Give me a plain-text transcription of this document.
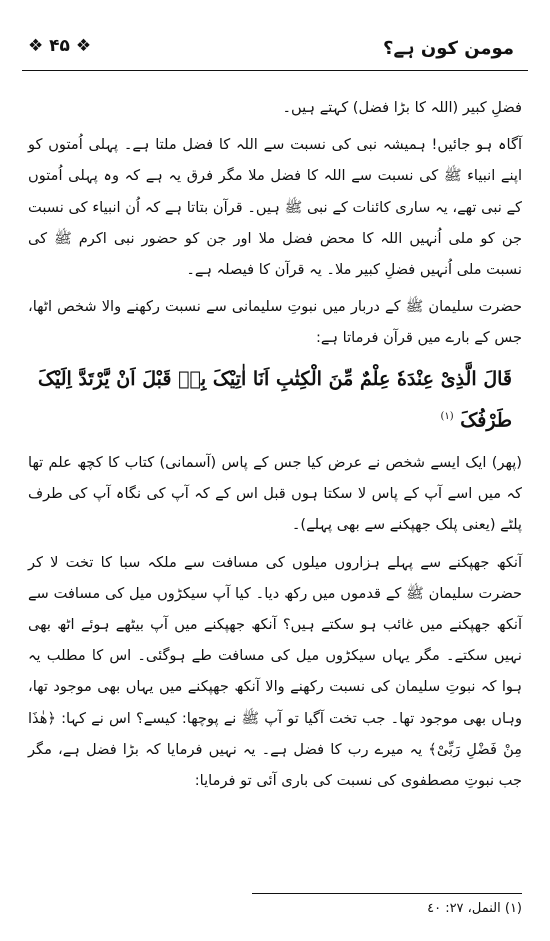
مومن کون ہے؟
❖ ۴۵ ❖

فضلِ کبیر (اللہ کا بڑا فضل) کہتے ہیں۔

آگاہ ہو جائیں! ہمیشہ نبی کی نسبت سے اللہ کا فضل ملتا ہے۔ پہلی اُمتوں کو اپنے انبیاء ﷺ کی نسبت سے اللہ کا فضل ملا مگر فرق یہ ہے کہ وہ پہلی اُمتوں کے نبی تھے، یہ ساری کائنات کے نبی ﷺ ہیں۔ قرآن بتاتا ہے کہ اُن انبیاء کی نسبت جن کو ملی اُنہیں اللہ کا محض فضل ملا اور جن کو حضور نبی اکرم ﷺ کی نسبت ملی اُنہیں فضلِ کبیر ملا۔ یہ قرآن کا فیصلہ ہے۔

حضرت سلیمان ﷺ کے دربار میں نبوتِ سلیمانی سے نسبت رکھنے والا شخص اٹھا، جس کے بارے میں قرآن فرماتا ہے:

قَالَ الَّذِیْ عِنْدَهٗ عِلْمٌ مِّنَ الْکِتٰبِ اَنَا اٰتِیْکَ بِهٖ قَبْلَ اَنْ یَّرْتَدَّ اِلَیْکَ طَرْفُکَ $^{(١)}$

(پھر) ایک ایسے شخص نے عرض کیا جس کے پاس (آسمانی) کتاب کا کچھ علم تھا کہ میں اسے آپ کے پاس لا سکتا ہوں قبل اس کے کہ آپ کی نگاہ آپ کی طرف پلٹے (یعنی پلک جھپکنے سے بھی پہلے)۔

آنکھ جھپکنے سے پہلے ہزاروں میلوں کی مسافت سے ملکہ سبا کا تخت لا کر حضرت سلیمان ﷺ کے قدموں میں رکھ دیا۔ کیا آپ سیکڑوں میل کی مسافت سے آنکھ جھپکنے میں غائب ہو سکتے ہیں؟ آنکھ جھپکنے میں آپ بیٹھے ہوئے اٹھ بھی نہیں سکتے۔ مگر یہاں سیکڑوں میل کی مسافت طے ہوگئی۔ اس کا مطلب یہ ہوا کہ نبوتِ سلیمان کی نسبت رکھنے والا آنکھ جھپکنے میں یہاں بھی موجود تھا، وہاں بھی موجود تھا۔ جب تخت آگیا تو آپ ﷺ نے پوچھا: کیسے؟ اس نے کہا: ﴿هٰذَا مِنْ فَضْلِ رَبِّیْ﴾ یہ میرے رب کا فضل ہے۔ یہ نہیں فرمایا کہ بڑا فضل ہے، مگر جب نبوتِ مصطفوی کی نسبت کی باری آئی تو فرمایا:

(١) النمل، ٢٧: ٤٠
